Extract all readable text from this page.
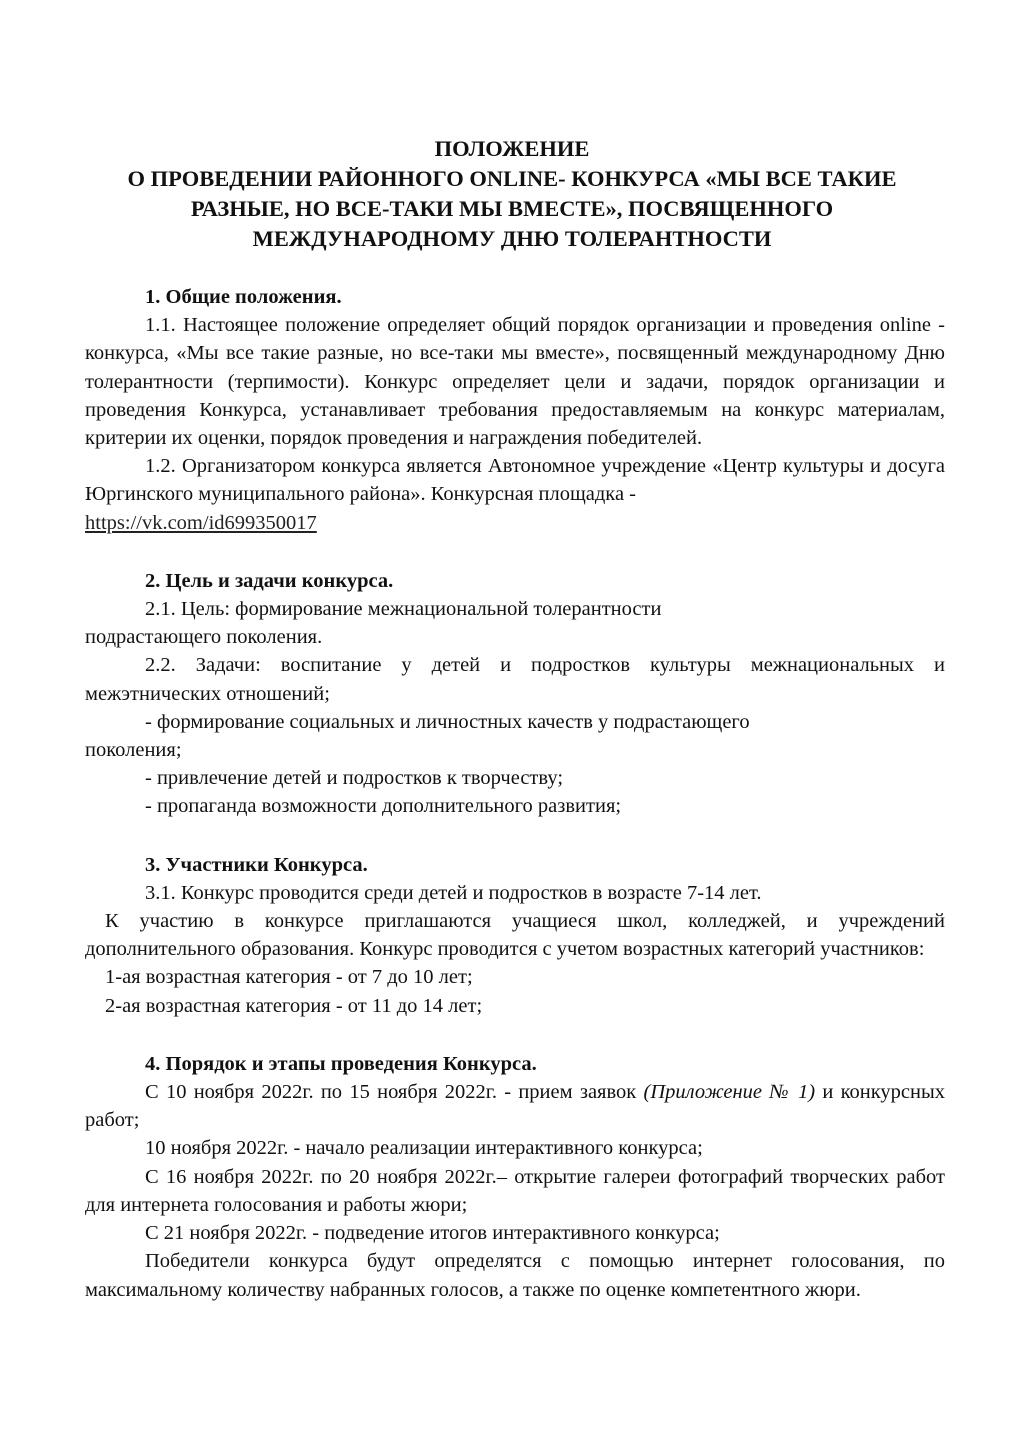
ПОЛОЖЕНИЕ
О ПРОВЕДЕНИИ РАЙОННОГО ONLINE- КОНКУРСА «МЫ ВСЕ ТАКИЕ
РАЗНЫЕ, НО ВСЕ-ТАКИ МЫ ВМЕСТЕ», ПОСВЯЩЕННОГО
МЕЖДУНАРОДНОМУ ДНЮ ТОЛЕРАНТНОСТИ
1. Общие положения.
1.1. Настоящее положение определяет общий порядок организации и проведения online - конкурса, «Мы все такие разные, но все-таки мы вместе», посвященный международному Дню толерантности (терпимости). Конкурс определяет цели и задачи, порядок организации и проведения Конкурса, устанавливает требования предоставляемым на конкурс материалам, критерии их оценки, порядок проведения и награждения победителей.
1.2. Организатором конкурса является Автономное учреждение «Центр культуры и досуга Юргинского муниципального района». Конкурсная площадка -
https://vk.com/id699350017
2. Цель и задачи конкурса.
2.1. Цель: формирование межнациональной толерантности
подрастающего поколения.
2.2. Задачи: воспитание у детей и подростков культуры межнациональных и межэтнических отношений;
- формирование социальных и личностных качеств у подрастающего
поколения;
- привлечение детей и подростков к творчеству;
- пропаганда возможности дополнительного развития;
3. Участники Конкурса.
3.1. Конкурс проводится среди детей и подростков в возрасте 7-14 лет.
К участию в конкурсе приглашаются учащиеся школ, колледжей, и учреждений дополнительного образования. Конкурс проводится с учетом возрастных категорий участников:
1-ая возрастная категория - от 7 до 10 лет;
2-ая возрастная категория - от 11 до 14 лет;
4. Порядок и этапы проведения Конкурса.
С 10 ноября 2022г. по 15 ноября 2022г. - прием заявок (Приложение № 1) и конкурсных работ;
10 ноября 2022г. - начало реализации интерактивного конкурса;
С 16 ноября 2022г. по 20 ноября 2022г.– открытие галереи фотографий творческих работ для интернета голосования и работы жюри;
С 21 ноября 2022г. - подведение итогов интерактивного конкурса;
Победители конкурса будут определятся с помощью интернет голосования, по максимальному количеству набранных голосов, а также по оценке компетентного жюри.
